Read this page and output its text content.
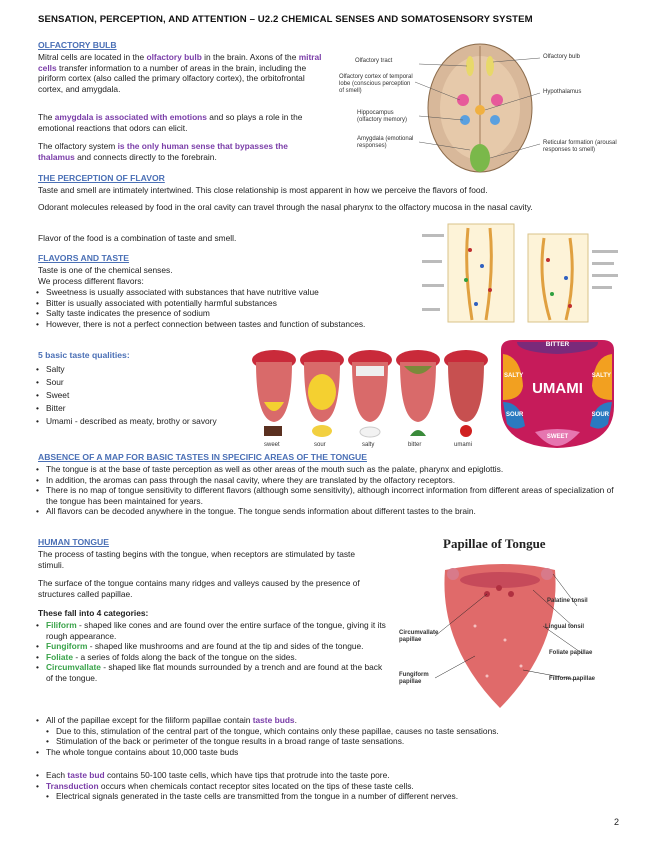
SENSATION, PERCEPTION, AND ATTENTION – U2.2 CHEMICAL SENSES AND SOMATOSENSORY SYSTEM
OLFACTORY BULB
Mitral cells are located in the olfactory bulb in the brain. Axons of the mitral cells transfer information to a number of areas in the brain, including the piriform cortex (also called the primary olfactory cortex), the orbitofrontal cortex, and amygdala.
The amygdala is associated with emotions and so plays a role in the emotional reactions that odors can elicit.
The olfactory system is the only human sense that bypasses the thalamus and connects directly to the forebrain.
Olfactory tract
Olfactory cortex of temporal lobe (conscious perception of smell)
Hippocampus (olfactory memory)
Amygdala (emotional responses)
Olfactory bulb
Hypothalamus
Reticular formation (arousal responses to smell)
THE PERCEPTION OF FLAVOR
Taste and smell are intimately intertwined. This close relationship is most apparent in how we perceive the flavors of food.
Odorant molecules released by food in the oral cavity can travel through the nasal pharynx to the olfactory mucosa in the nasal cavity.
Flavor of the food is a combination of taste and smell.
FLAVORS AND TASTE
Taste is one of the chemical senses.
We process different flavors:
• Sweetness is usually associated with substances that have nutritive value
• Bitter is usually associated with potentially harmful substances
• Salty taste indicates the presence of sodium
• However, there is not a perfect connection between tastes and function of substances.
5 basic taste qualities:
• Salty
• Sour
• Sweet
• Bitter
• Umami - described as meaty, brothy or savory
sweet	sour	salty	bitter	umami
BITTER
SALTY	SALTY
UMAMI
SOUR	SOUR
SWEET
ABSENCE OF A MAP FOR BASIC TASTES IN SPECIFIC AREAS OF THE TONGUE
• The tongue is at the base of taste perception as well as other areas of the mouth such as the palate, pharynx and epiglottis.
• In addition, the aromas can pass through the nasal cavity, where they are translated by the olfactory receptors.
• There is no map of tongue sensitivity to different flavors (although some sensitivity), although incorrect information from different areas of specialization of the tongue has been maintained for years.
• All flavors can be decoded anywhere in the tongue. The tongue sends information about different tastes to the brain.
HUMAN TONGUE
The process of tasting begins with the tongue, when receptors are stimulated by taste stimuli.
The surface of the tongue contains many ridges and valleys caused by the presence of structures called papillae.
These fall into 4 categories:
• Filiform - shaped like cones and are found over the entire surface of the tongue, giving it its rough appearance.
• Fungiform - shaped like mushrooms and are found at the tip and sides of the tongue.
• Foliate - a series of folds along the back of the tongue on the sides.
• Circumvallate - shaped like flat mounds surrounded by a trench and are found at the back of the tongue.
• All of the papillae except for the filiform papillae contain taste buds.
• Due to this, stimulation of the central part of the tongue, which contains only these papillae, causes no taste sensations.
• Stimulation of the back or perimeter of the tongue results in a broad range of taste sensations.
• The whole tongue contains about 10,000 taste buds
• Each taste bud contains 50-100 taste cells, which have tips that protrude into the taste pore.
• Transduction occurs when chemicals contact receptor sites located on the tips of these taste cells.
• Electrical signals generated in the taste cells are transmitted from the tongue in a number of different nerves.
Papillae of Tongue
Palatine tonsil
Lingual tonsil
Circumvallate papillae
Foliate papillae
Fungiform papillae	Filiform papillae
2
